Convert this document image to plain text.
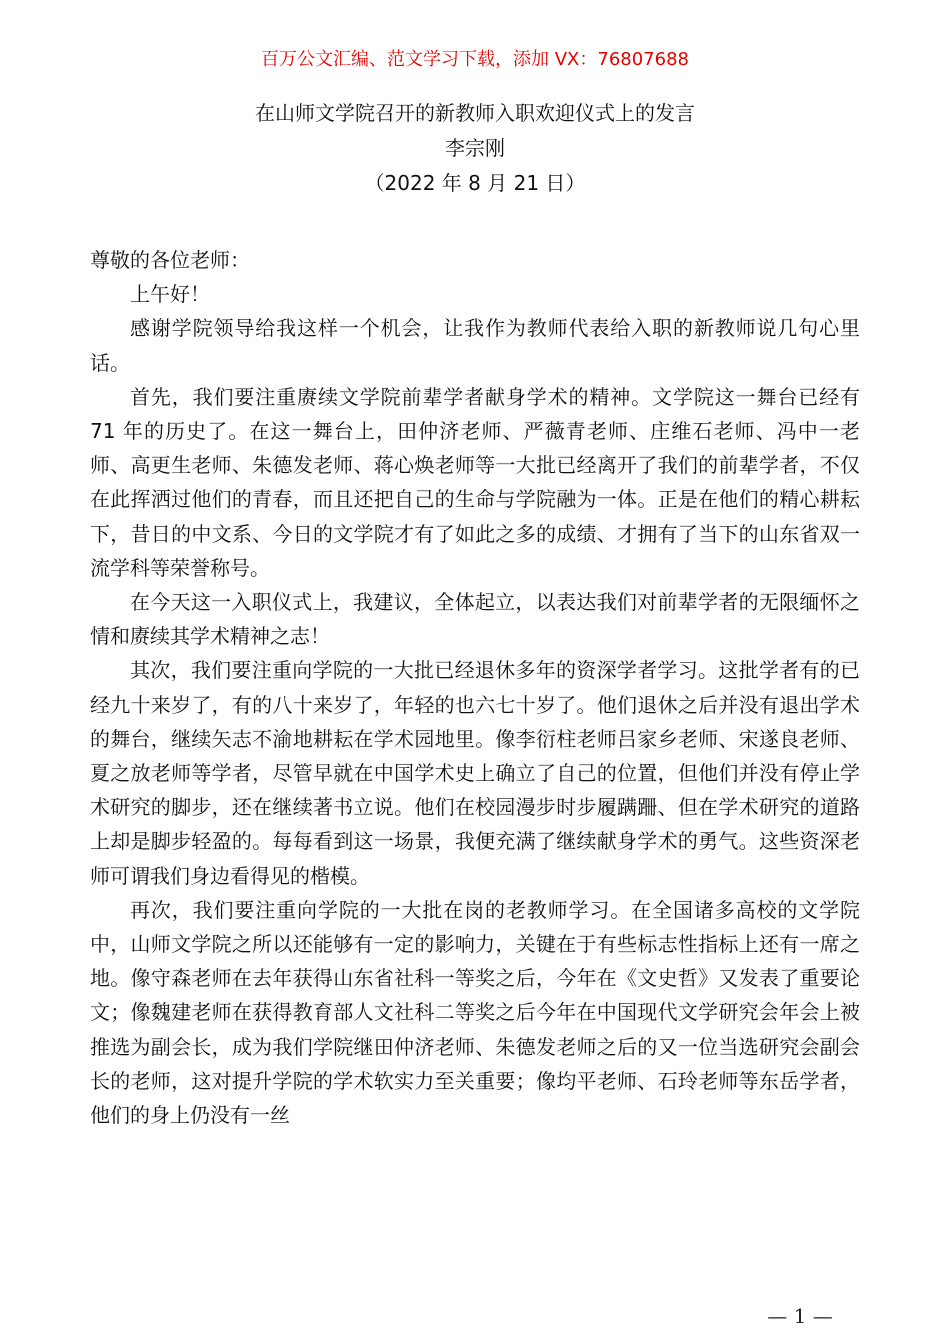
百万公文汇编、范文学习下载，添加 VX：76807688
在山师文学院召开的新教师入职欢迎仪式上的发言
李宗刚
（2022 年 8 月 21 日）

尊敬的各位老师：

上午好！

感谢学院领导给我这样一个机会，让我作为教师代表给入职的新教师说几句心里话。

首先，我们要注重赓续文学院前辈学者献身学术的精神。文学院这一舞台已经有 71 年的历史了。在这一舞台上，田仲济老师、严薇青老师、庄维石老师、冯中一老师、高更生老师、朱德发老师、蒋心焕老师等一大批已经离开了我们的前辈学者，不仅在此挥洒过他们的青春，而且还把自己的生命与学院融为一体。正是在他们的精心耕耘下，昔日的中文系、今日的文学院才有了如此之多的成绩、才拥有了当下的山东省双一流学科等荣誉称号。

在今天这一入职仪式上，我建议，全体起立，以表达我们对前辈学者的无限缅怀之情和赓续其学术精神之志！

其次，我们要注重向学院的一大批已经退休多年的资深学者学习。这批学者有的已经九十来岁了，有的八十来岁了，年轻的也六七十岁了。他们退休之后并没有退出学术的舞台，继续矢志不渝地耕耘在学术园地里。像李衍柱老师吕家乡老师、宋遂良老师、夏之放老师等学者，尽管早就在中国学术史上确立了自己的位置，但他们并没有停止学术研究的脚步，还在继续著书立说。他们在校园漫步时步履蹒跚、但在学术研究的道路上却是脚步轻盈的。每每看到这一场景，我便充满了继续献身学术的勇气。这些资深老师可谓我们身边看得见的楷模。

再次，我们要注重向学院的一大批在岗的老教师学习。在全国诸多高校的文学院中，山师文学院之所以还能够有一定的影响力，关键在于有些标志性指标上还有一席之地。像守森老师在去年获得山东省社科一等奖之后，今年在《文史哲》又发表了重要论文；像魏建老师在获得教育部人文社科二等奖之后今年在中国现代文学研究会年会上被推选为副会长，成为我们学院继田仲济老师、朱德发老师之后的又一位当选研究会副会长的老师，这对提升学院的学术软实力至关重要；像均平老师、石玲老师等东岳学者，他们的身上仍没有一丝

— 1 —
